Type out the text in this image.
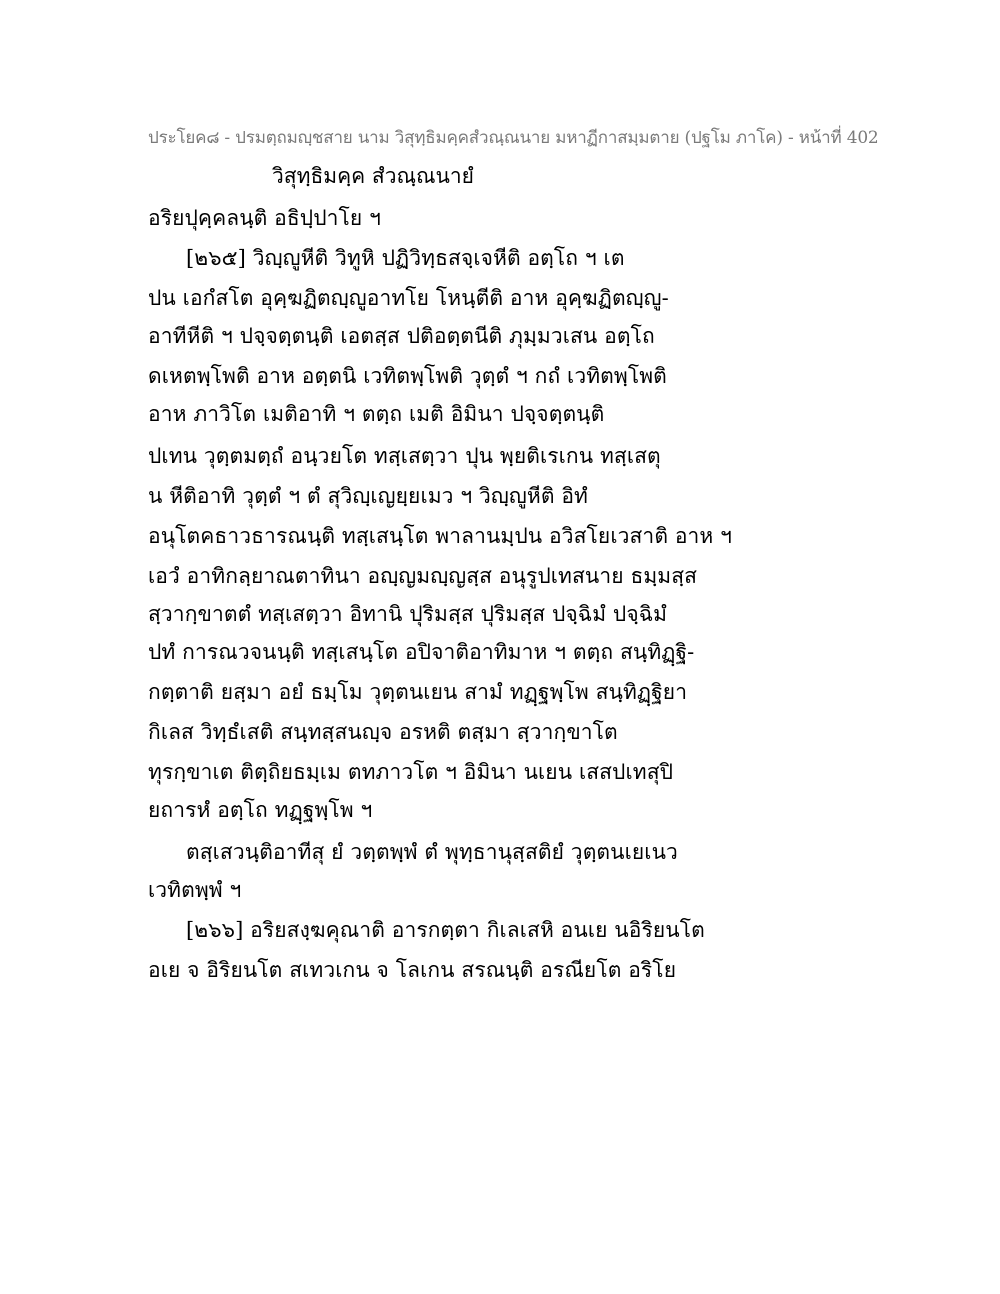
ประโยค๘ - ปรมตฺถมญฺชสาย นาม วิสุทฺธิมคฺคสํวณฺณนาย มหาฏีกาสมฺมตาย (ปฐโม ภาโค) - หน้าที่ 402
วิสุทฺธิมคฺค สํวณฺณนายํ
อริยปุคฺคลนฺติ อธิปฺปาโย ฯ
[๒๖๕] วิญฺญูหีติ วิทูหิ ปฏิวิทฺธสจฺเจหีติ อตฺโถ ฯ เต
ปน เอกํสโต อุคฺฆฏิตญฺญูอาทโย โหนฺตีติ อาห อุคฺฆฏิตญฺญู-
อาทีหีติ ฯ ปจฺจตฺตนฺติ เอตสฺส ปติอตฺตนีติ ภุมฺมวเสน อตฺโถ
ดเหตพฺโพติ อาห อตฺตนิ เวทิตพฺโพติ วุตฺตํ ฯ กถํ เวทิตพฺโพติ
อาห ภาวิโต เมติอาทิ ฯ ตตฺถ เมติ อิมินา ปจฺจตฺตนฺติ
ปเทน วุตฺตมตฺถํ อนฺวยโต ทสฺเสตฺวา ปุน พฺยติเรเกน ทสฺเสตุ
น หีติอาทิ วุตฺตํ ฯ ตํ สุวิญฺเญยฺยเมว ฯ วิญฺญูหีติ อิทํ
อนุโตคธาวธารณนฺติ ทสฺเสนฺโต พาลานมฺปน อวิสโยเวสาติ อาห ฯ
เอวํ อาทิกลฺยาณตาทินา อญฺญมญฺญสฺส อนุรูปเทสนาย ธมฺมสฺส
สฺวากฺขาตตํ ทสฺเสตฺวา อิทานิ ปุริมสฺส ปุริมสฺส ปจฺฉิมํ ปจฺฉิมํ
ปทํ การณวจนนฺติ ทสฺเสนฺโต อปิจาติอาทิมาห ฯ ตตฺถ สนฺทิฏฺฐิ-
กตฺตาติ ยสฺมา อยํ ธมฺโม วุตฺตนเยน สามํ ทฏฺฐพฺโพ สนฺทิฏฺฐิยา
กิเลส วิทฺธํเสติ สนฺทสฺสนญฺจ อรหติ ตสฺมา สฺวากฺขาโต
ทุรกฺขาเต ติตฺถิยธมฺเม ตทภาวโต ฯ อิมินา นเยน เสสปเทสุปิ
ยถารหํ อตฺโถ ทฏฺฐพฺโพ ฯ
ตสฺเสวนฺติอาทีสุ ยํ วตฺตพฺพํ ตํ พุทฺธานุสฺสติยํ วุตฺตนเยเนว
เวทิตพฺพํ ฯ
[๒๖๖] อริยสงฺฆคุณาติ อารกตฺตา กิเลเสหิ อนเย นอิริยนโต
อเย จ อิริยนโต สเทวเกน จ โลเกน สรณนฺติ อรณียโต อริโย
